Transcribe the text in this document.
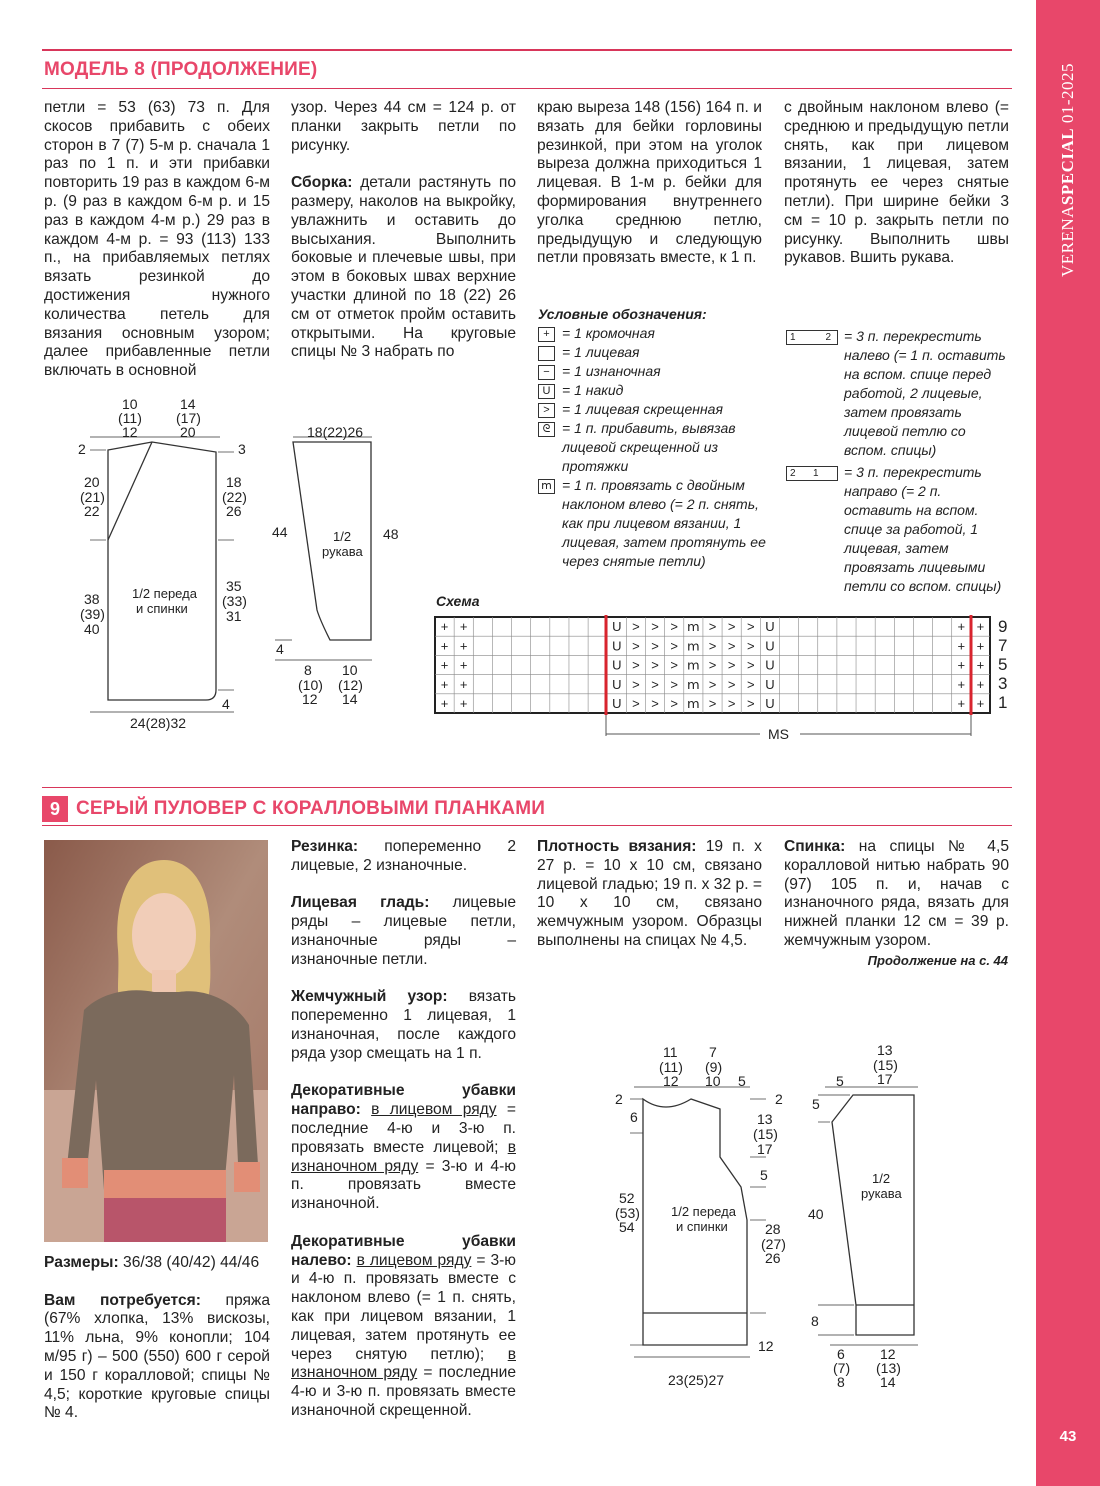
VERENASPECIAL 01-2025
43
МОДЕЛЬ 8 (ПРОДОЛЖЕНИЕ)

петли = 53 (63) 73 п. Для скосов прибавить с обеих сторон в 7 (7) 5-м р. сначала 1 раз по 1 п. и эти прибавки повторить 19 раз в каждом 6-м р. (9 раз в каждом 6-м р. и 15 раз в каждом 4-м р.) 29 раз в каждом 4-м р. = 93 (113) 133 п., на прибавляемых петлях вязать резинкой до достижения нужного количества петель для вязания основным узором; далее прибавленные петли включать в основной

узор. Через 44 см = 124 р. от планки закрыть петли по рисунку.

Сборка: детали растянуть по размеру, наколов на выкройку, увлажнить и оставить до высыхания. Выполнить боковые и плечевые швы, при этом в боковых швах верхние участки длиной по 18 (22) 26 см от отметок пройм оставить открытыми. На круговые спицы № 3 набрать по

краю выреза 148 (156) 164 п. и вязать для бейки горловины резинкой, при этом на уголок выреза должна приходиться 1 лицевая. В 1-м р. бейки для формирования внутреннего уголка среднюю петлю, предыдущую и следующую петли провязать вместе, к 1 п.

с двойным наклоном влево (= среднюю и предыдущую петли снять, как при лицевом вязании, 1 лицевая, затем протянуть ее через снятые петли). При ширине бейки 3 см = 10 р. закрыть петли по рисунку. Выполнить швы рукавов. Вшить рукава.

Условные обозначения:
+ = 1 кромочная
= 1 лицевая
− = 1 изнаночная
U = 1 накид
> = 1 лицевая скрещенная
ᘓ = 1 п. прибавить, вывязав лицевой скрещенной из протяжки
ⅿ = 1 п. провязать с двойным наклоном влево (= 2 п. снять, как при лицевом вязании, 1 лицевая, затем протянуть ее через снятые петли)
1	2 = 3 п. перекрестить налево (= 1 п. оставить на вспом. спице перед работой, 2 лицевые, затем провязать лицевой петлю со вспом. спицы)
2 1 = 3 п. перекрестить направо (= 2 п. оставить на вспом. спице за работой, 1 лицевая, затем провязать лицевыми петли со вспом. спицы)
Схема
+ +	U > > > ⅿ > > > U	+ +
+ +	U > > > ⅿ > > > U	+ +
+ +	U > > > ⅿ > > > U	+ +
+ +	U > > > ⅿ > > > U	+ +
+ +	U > > > ⅿ > > > U	+ +
MS
9
7
5
3
1
10
(11)
12
14
(17)
20
2	3
20
(21)
22
18
(22)
26
38
(39)
40
35
(33)
31
1/2 переда
и спинки
4
24(28)32
18(22)26
44	48
1/2
рукава
4
8
(10)
12
10
(12)
14
9 СЕРЫЙ ПУЛОВЕР С КОРАЛЛОВЫМИ ПЛАНКАМИ

Размеры: 36/38 (40/42) 44/46

Вам потребуется: пряжа (67% хлопка, 13% вискозы, 11% льна, 9% конопли; 104 м/95 г) – 500 (550) 600 г серой и 150 г коралловой; спицы № 4,5; короткие круговые спицы № 4.

Резинка: попеременно 2 лицевые, 2 изнаночные.

Лицевая гладь: лицевые ряды – лицевые петли, изнаночные ряды – изнаночные петли.

Жемчужный узор: вязать попеременно 1 лицевая, 1 изнаночная, после каждого ряда узор смещать на 1 п.

Декоративные убавки направо: в лицевом ряду = последние 4-ю и 3-ю п. провязать вместе лицевой; в изнаночном ряду = 3-ю и 4-ю п. провязать вместе изнаночной.

Декоративные убавки налево: в лицевом ряду = 3-ю и 4-ю п. провязать вместе с наклоном влево (= 1 п. снять, как при лицевом вязании, 1 лицевая, затем протянуть ее через снятую петлю); в изнаночном ряду = последние 4-ю и 3-ю п. провязать вместе изнаночной скрещенной.

Плотность вязания: 19 п. х 27 р. = 10 х 10 см, связано лицевой гладью; 19 п. х 32 р. = 10 х 10 см, связано жемчужным узором. Образцы выполнены на спицах № 4,5.

Спинка: на спицы № 4,5 коралловой нитью набрать 90 (97) 105 п. и, начав с изнаночного ряда, вязать для нижней планки 12 см = 39 р. жемчужным узором.

Продолжение на с. 44
11
(11)
12
7
(9)
10 5
2	2
6	13
(15)
17
5
52
(53)
54	28
(27)
26
1/2 переда
и спинки
12
23(25)27
13
(15)
17
5
5
40
1/2
рукава
8
6
(7)
8
12
(13)
14
